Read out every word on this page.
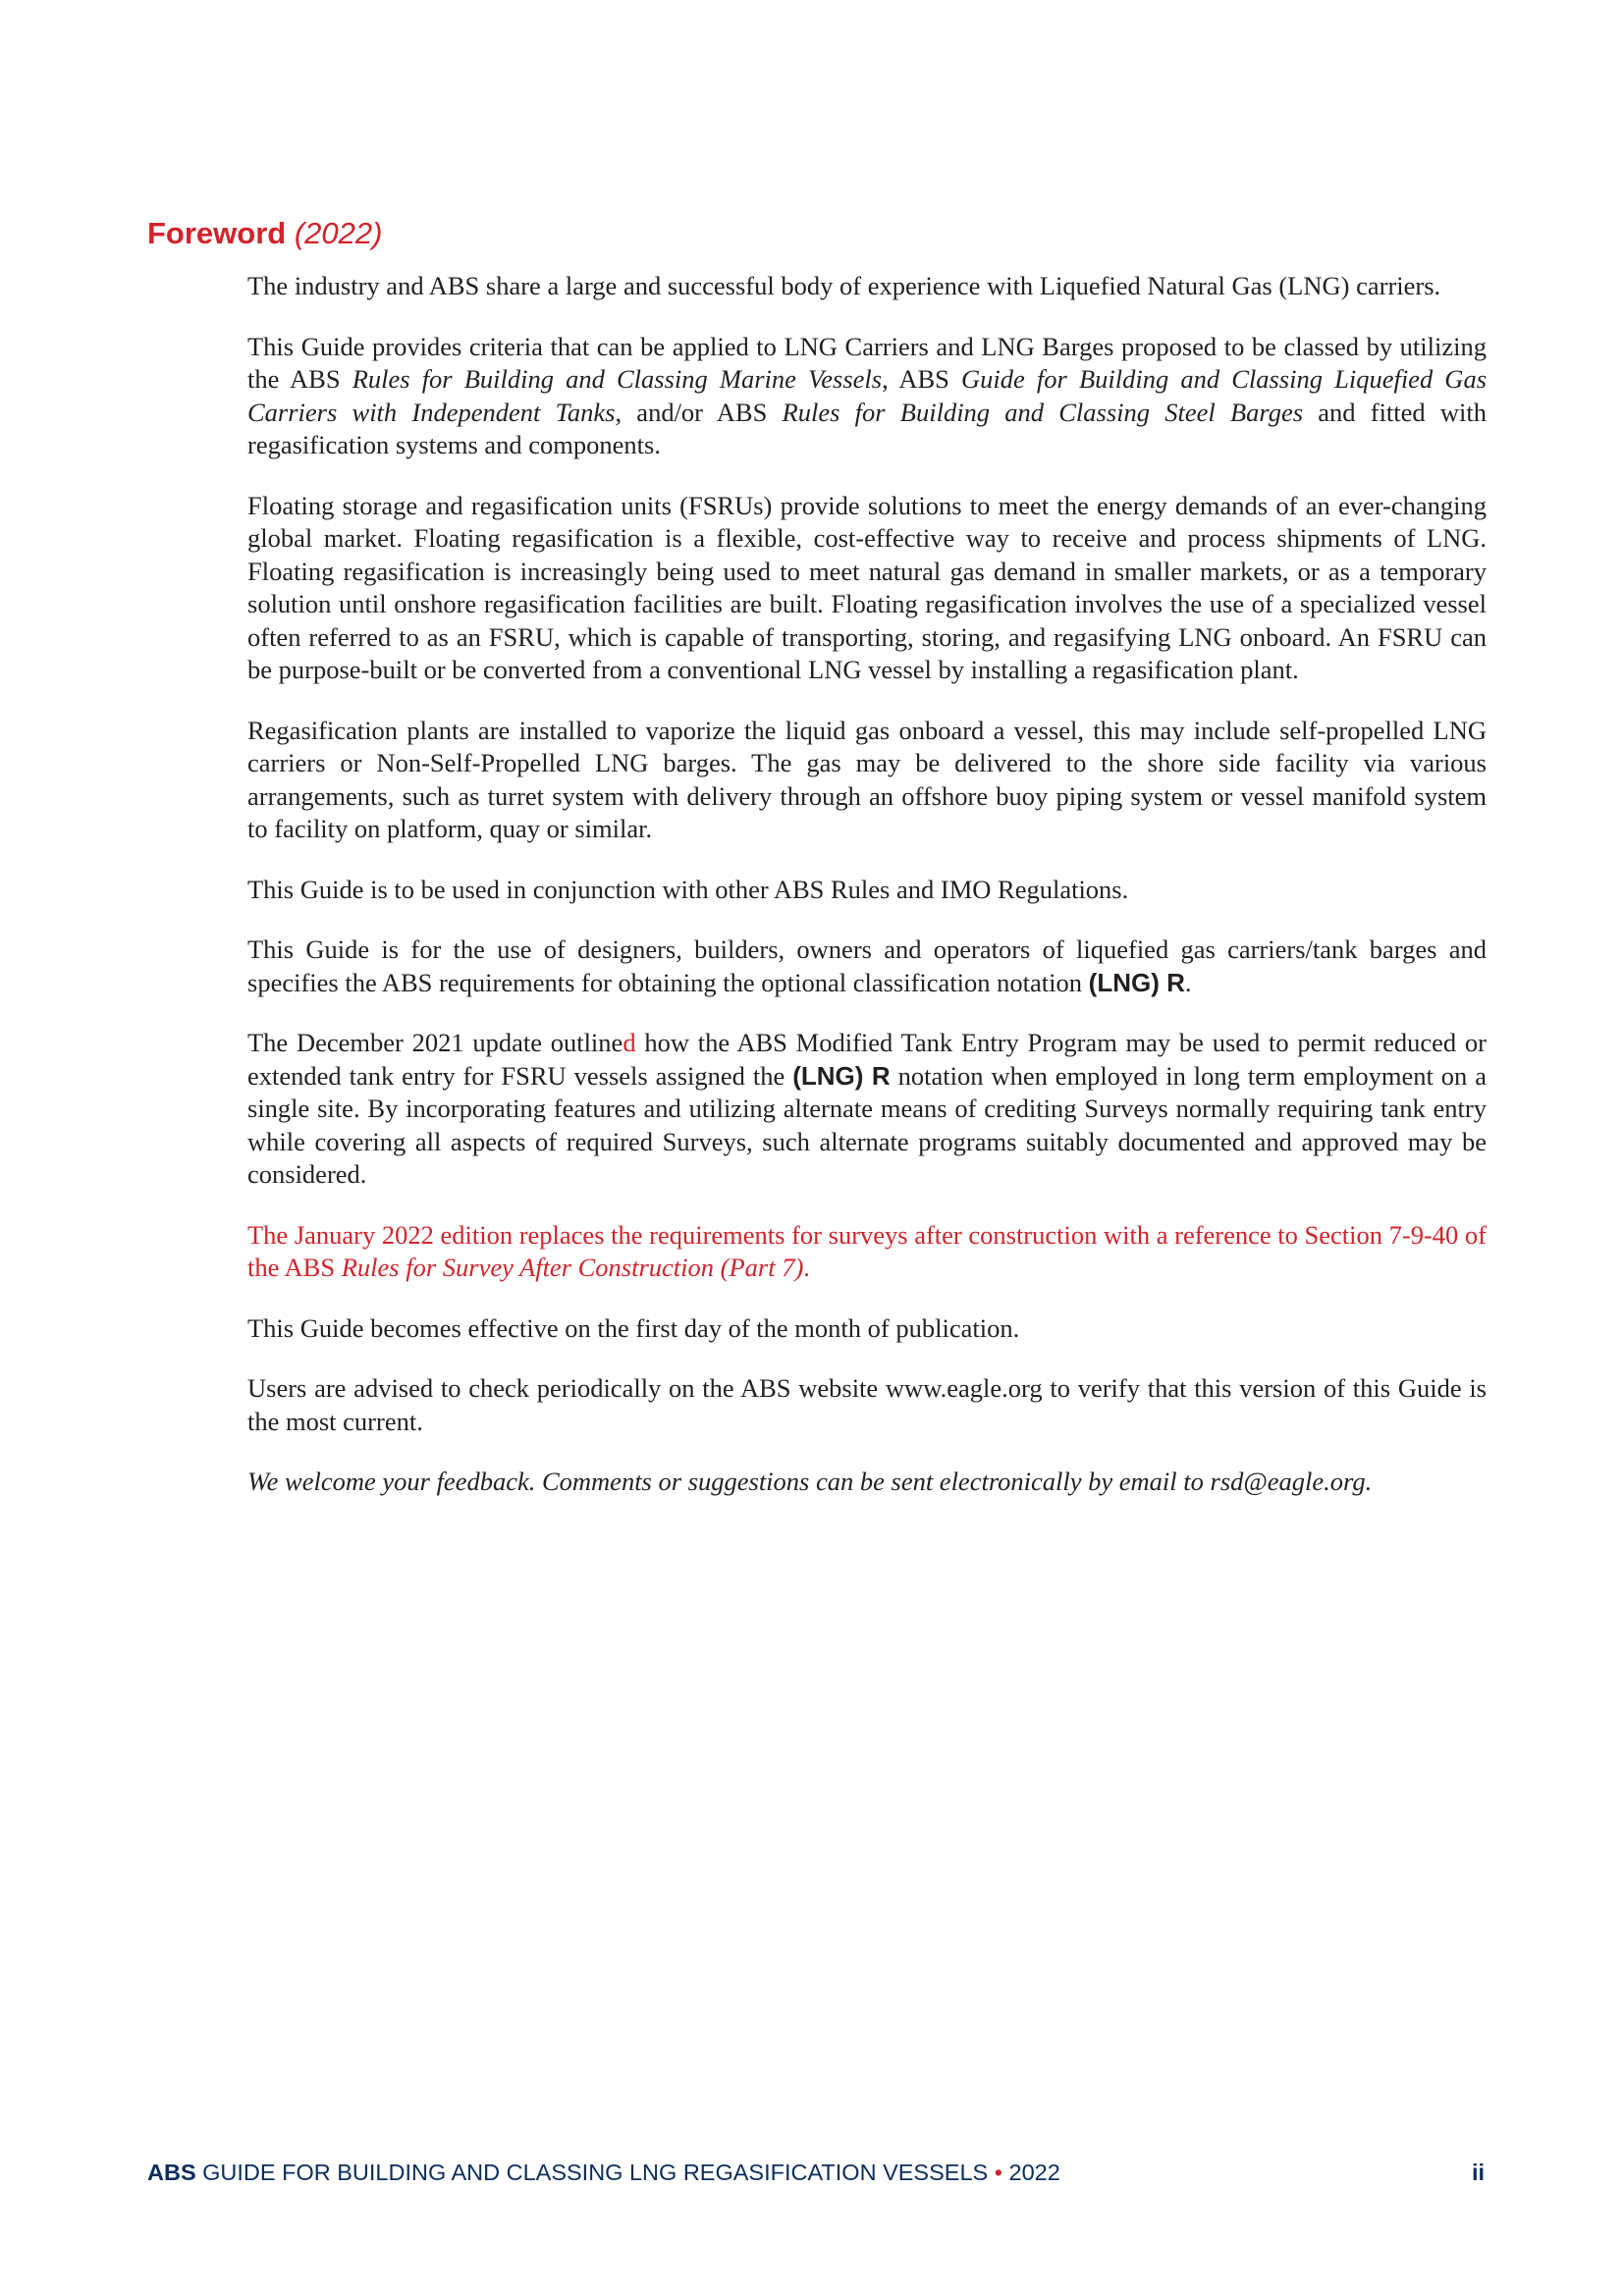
Foreword (2022)

The industry and ABS share a large and successful body of experience with Liquefied Natural Gas (LNG) carriers.

This Guide provides criteria that can be applied to LNG Carriers and LNG Barges proposed to be classed by utilizing the ABS Rules for Building and Classing Marine Vessels, ABS Guide for Building and Classing Liquefied Gas Carriers with Independent Tanks, and/or ABS Rules for Building and Classing Steel Barges and fitted with regasification systems and components.

Floating storage and regasification units (FSRUs) provide solutions to meet the energy demands of an ever-changing global market. Floating regasification is a flexible, cost-effective way to receive and process shipments of LNG. Floating regasification is increasingly being used to meet natural gas demand in smaller markets, or as a temporary solution until onshore regasification facilities are built. Floating regasification involves the use of a specialized vessel often referred to as an FSRU, which is capable of transporting, storing, and regasifying LNG onboard. An FSRU can be purpose-built or be converted from a conventional LNG vessel by installing a regasification plant.

Regasification plants are installed to vaporize the liquid gas onboard a vessel, this may include self-propelled LNG carriers or Non-Self-Propelled LNG barges. The gas may be delivered to the shore side facility via various arrangements, such as turret system with delivery through an offshore buoy piping system or vessel manifold system to facility on platform, quay or similar.

This Guide is to be used in conjunction with other ABS Rules and IMO Regulations.

This Guide is for the use of designers, builders, owners and operators of liquefied gas carriers/tank barges and specifies the ABS requirements for obtaining the optional classification notation (LNG) R.

The December 2021 update outlined how the ABS Modified Tank Entry Program may be used to permit reduced or extended tank entry for FSRU vessels assigned the (LNG) R notation when employed in long term employment on a single site. By incorporating features and utilizing alternate means of crediting Surveys normally requiring tank entry while covering all aspects of required Surveys, such alternate programs suitably documented and approved may be considered.

The January 2022 edition replaces the requirements for surveys after construction with a reference to Section 7-9-40 of the ABS Rules for Survey After Construction (Part 7).

This Guide becomes effective on the first day of the month of publication.

Users are advised to check periodically on the ABS website www.eagle.org to verify that this version of this Guide is the most current.

We welcome your feedback. Comments or suggestions can be sent electronically by email to rsd@eagle.org.

ABS GUIDE FOR BUILDING AND CLASSING LNG REGASIFICATION VESSELS • 2022	ii
